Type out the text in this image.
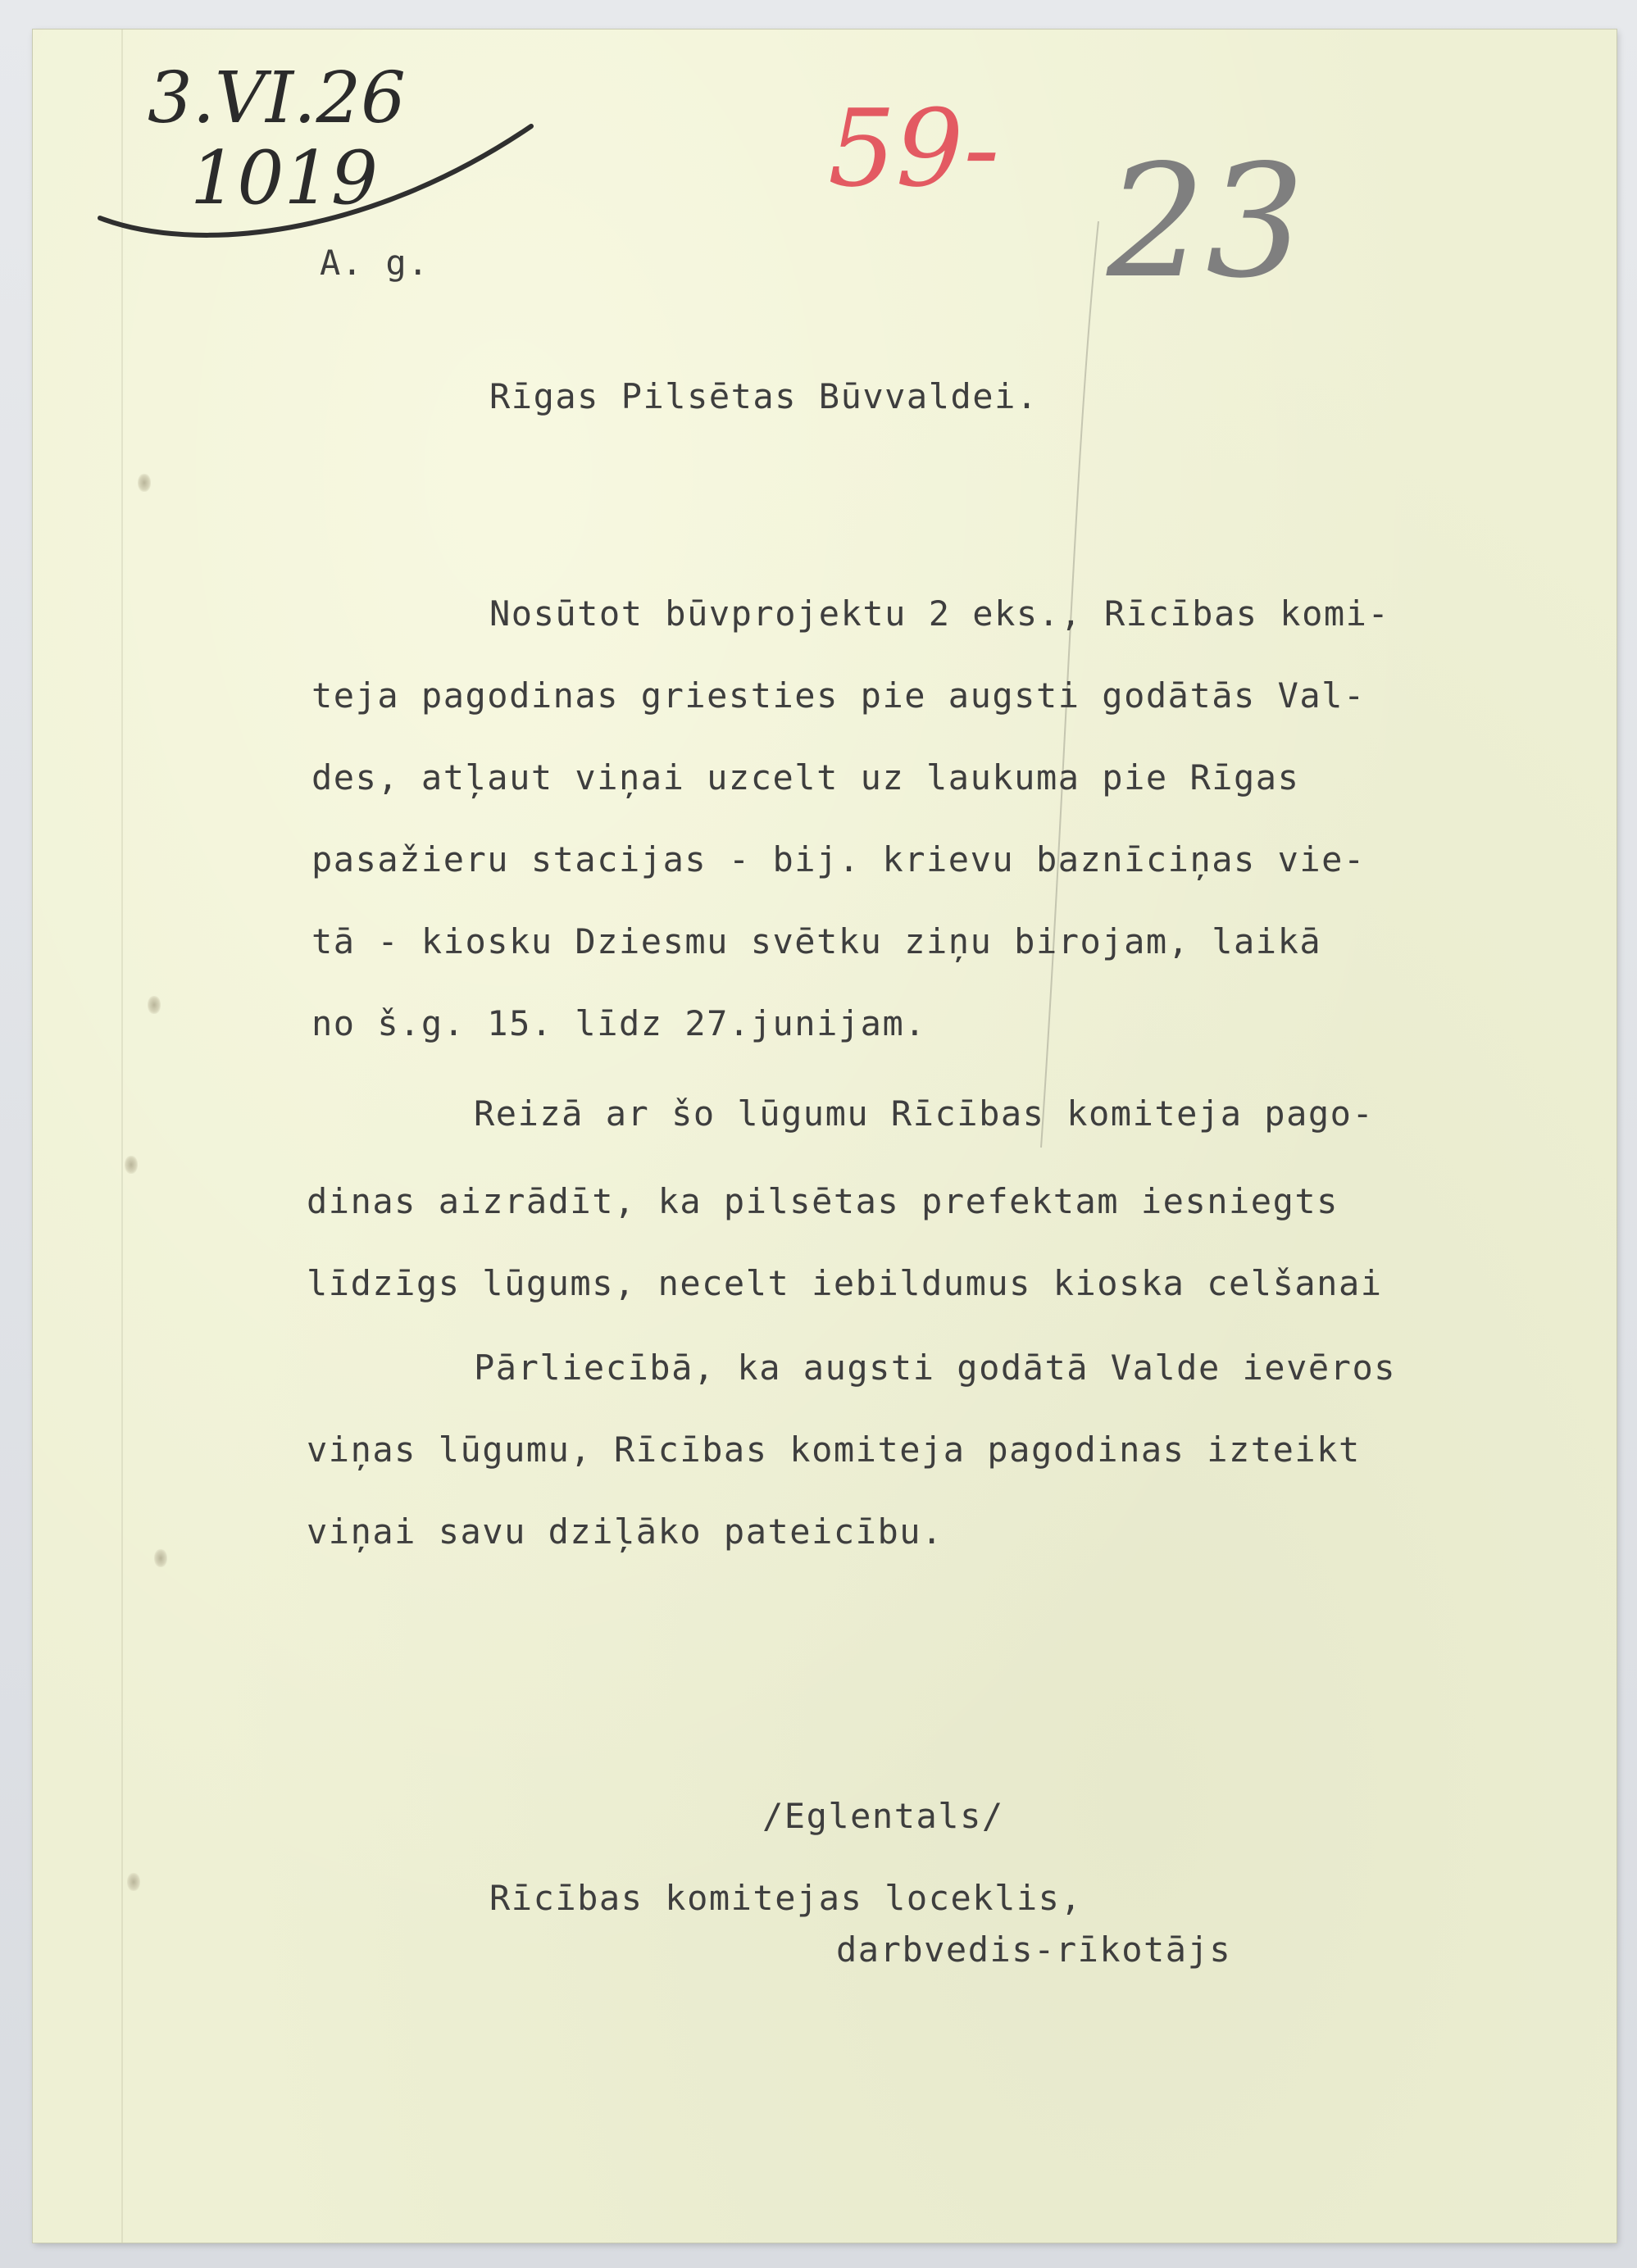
3.VI.26
1019	59- 23
A. g.
Rīgas Pilsētas Būvvaldei.
Nosūtot būvprojektu 2 eks., Rīcības komi-
teja pagodinas griesties pie augsti godātās Val-
des, atļaut viņai uzcelt uz laukuma pie Rīgas
pasažieru stacijas - bij. krievu baznīciņas vie-
tā - kiosku Dziesmu svētku ziņu birojam, laikā
no š.g. 15. līdz 27.junijam.
Reizā ar šo lūgumu Rīcības komiteja pago-
dinas aizrādīt, ka pilsētas prefektam iesniegts
līdzīgs lūgums, necelt iebildumus kioska celšanai
Pārliecībā, ka augsti godātā Valde ievēros
viņas lūgumu, Rīcības komiteja pagodinas izteikt
viņai savu dziļāko pateicību.
/Eglentals/
Rīcības komitejas loceklis,
darbvedis-rīkotājs
